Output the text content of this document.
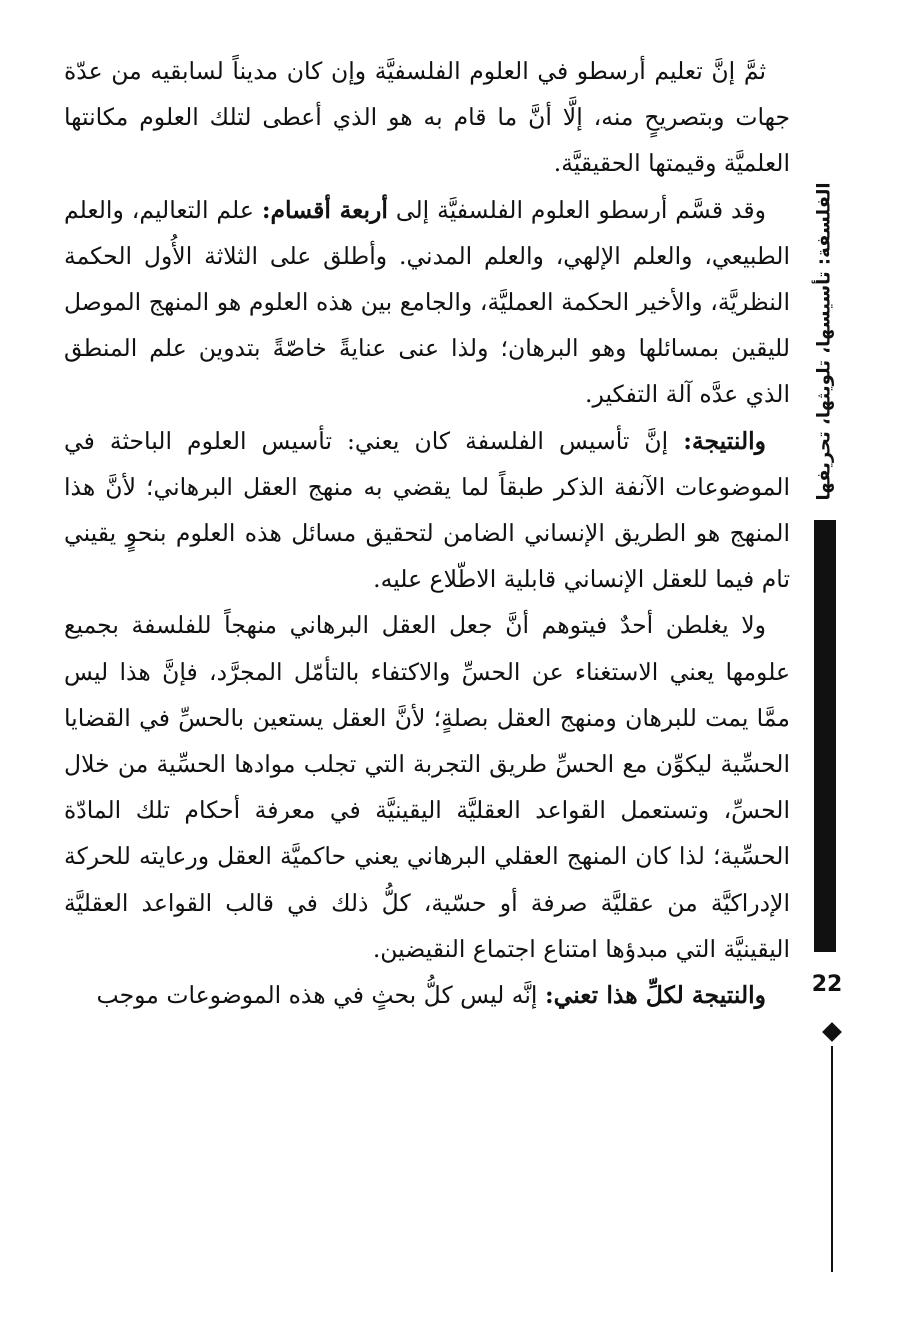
الفلسفة: تأسيسها، تلويثها، تحريفها
22

ثمَّ إنَّ تعليم أرسطو في العلوم الفلسفيَّة وإن كان مديناً لسابقيه من عدّة جهات وبتصريحٍ منه، إلَّا أنَّ ما قام به هو الذي أعطى لتلك العلوم مكانتها العلميَّة وقيمتها الحقيقيَّة.

وقد قسَّم أرسطو العلوم الفلسفيَّة إلى أربعة أقسام: علم التعاليم، والعلم الطبيعي، والعلم الإلهي، والعلم المدني. وأطلق على الثلاثة الأُول الحكمة النظريَّة، والأخير الحكمة العمليَّة، والجامع بين هذه العلوم هو المنهج الموصل لليقين بمسائلها وهو البرهان؛ ولذا عنى عنايةً خاصّةً بتدوين علم المنطق الذي عدَّه آلة التفكير.

والنتيجة: إنَّ تأسيس الفلسفة كان يعني: تأسيس العلوم الباحثة في الموضوعات الآنفة الذكر طبقاً لما يقضي به منهج العقل البرهاني؛ لأنَّ هذا المنهج هو الطريق الإنساني الضامن لتحقيق مسائل هذه العلوم بنحوٍ يقيني تام فيما للعقل الإنساني قابلية الاطّلاع عليه.

ولا يغلطن أحدٌ فيتوهم أنَّ جعل العقل البرهاني منهجاً للفلسفة بجميع علومها يعني الاستغناء عن الحسِّ والاكتفاء بالتأمّل المجرَّد، فإنَّ هذا ليس ممَّا يمت للبرهان ومنهج العقل بصلةٍ؛ لأنَّ العقل يستعين بالحسِّ في القضايا الحسِّية ليكوِّن مع الحسِّ طريق التجربة التي تجلب موادها الحسِّية من خلال الحسِّ، وتستعمل القواعد العقليَّة اليقينيَّة في معرفة أحكام تلك المادّة الحسِّية؛ لذا كان المنهج العقلي البرهاني يعني حاكميَّة العقل ورعايته للحركة الإدراكيَّة من عقليَّة صرفة أو حسّية، كلُّ ذلك في قالب القواعد العقليَّة اليقينيَّة التي مبدؤها امتناع اجتماع النقيضين.

والنتيجة لكلِّ هذا تعني: إنَّه ليس كلُّ بحثٍ في هذه الموضوعات موجب
